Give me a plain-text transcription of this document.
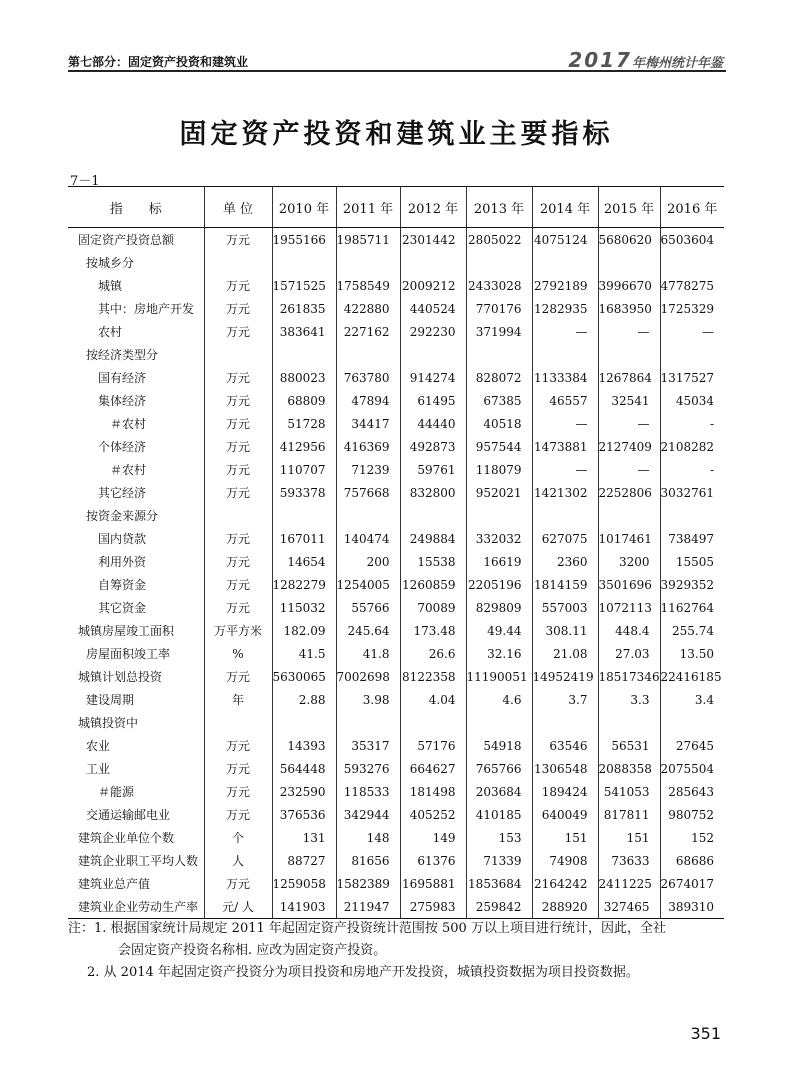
第七部分：固定资产投资和建筑业	2017年梅州统计年鉴
固定资产投资和建筑业主要指标
7－1
指　　标	单 位	2010 年	2011 年	2012 年	2013 年	2014 年	2015 年	2016 年
固定资产投资总额	万元	1955166	1985711	2301442	2805022	4075124	5680620	6503604
按城乡分								
城镇	万元	1571525	1758549	2009212	2433028	2792189	3996670	4778275
其中：房地产开发	万元	261835	422880	440524	770176	1282935	1683950	1725329
农村	万元	383641	227162	292230	371994	—	—	—
按经济类型分								
国有经济	万元	880023	763780	914274	828072	1133384	1267864	1317527
集体经济	万元	68809	47894	61495	67385	46557	32541	45034
＃农村	万元	51728	34417	44440	40518	—	—	-
个体经济	万元	412956	416369	492873	957544	1473881	2127409	2108282
＃农村	万元	110707	71239	59761	118079	—	—	-
其它经济	万元	593378	757668	832800	952021	1421302	2252806	3032761
按资金来源分								
国内贷款	万元	167011	140474	249884	332032	627075	1017461	738497
利用外资	万元	14654	200	15538	16619	2360	3200	15505
自筹资金	万元	1282279	1254005	1260859	2205196	1814159	3501696	3929352
其它资金	万元	115032	55766	70089	829809	557003	1072113	1162764
城镇房屋竣工面积	万平方米	182.09	245.64	173.48	49.44	308.11	448.4	255.74
房屋面积竣工率	%	41.5	41.8	26.6	32.16	21.08	27.03	13.50
城镇计划总投资	万元	5630065	7002698	8122358	11190051	14952419	18517346	22416185
建设周期	年	2.88	3.98	4.04	4.6	3.7	3.3	3.4
城镇投资中								
农业	万元	14393	35317	57176	54918	63546	56531	27645
工业	万元	564448	593276	664627	765766	1306548	2088358	2075504
＃能源	万元	232590	118533	181498	203684	189424	541053	285643
交通运输邮电业	万元	376536	342944	405252	410185	640049	817811	980752
建筑企业单位个数	个	131	148	149	153	151	151	152
建筑企业职工平均人数	人	88727	81656	61376	71339	74908	73633	68686
建筑业总产值	万元	1259058	1582389	1695881	1853684	2164242	2411225	2674017
建筑业企业劳动生产率	元/ 人	141903	211947	275983	259842	288920	327465	389310
注：1. 根据国家统计局规定 2011 年起固定资产投资统计范围按 500 万以上项目进行统计，因此，全社
会固定资产投资名称相. 应改为固定资产投资。
2. 从 2014 年起固定资产投资分为项目投资和房地产开发投资，城镇投资数据为项目投资数据。
351
